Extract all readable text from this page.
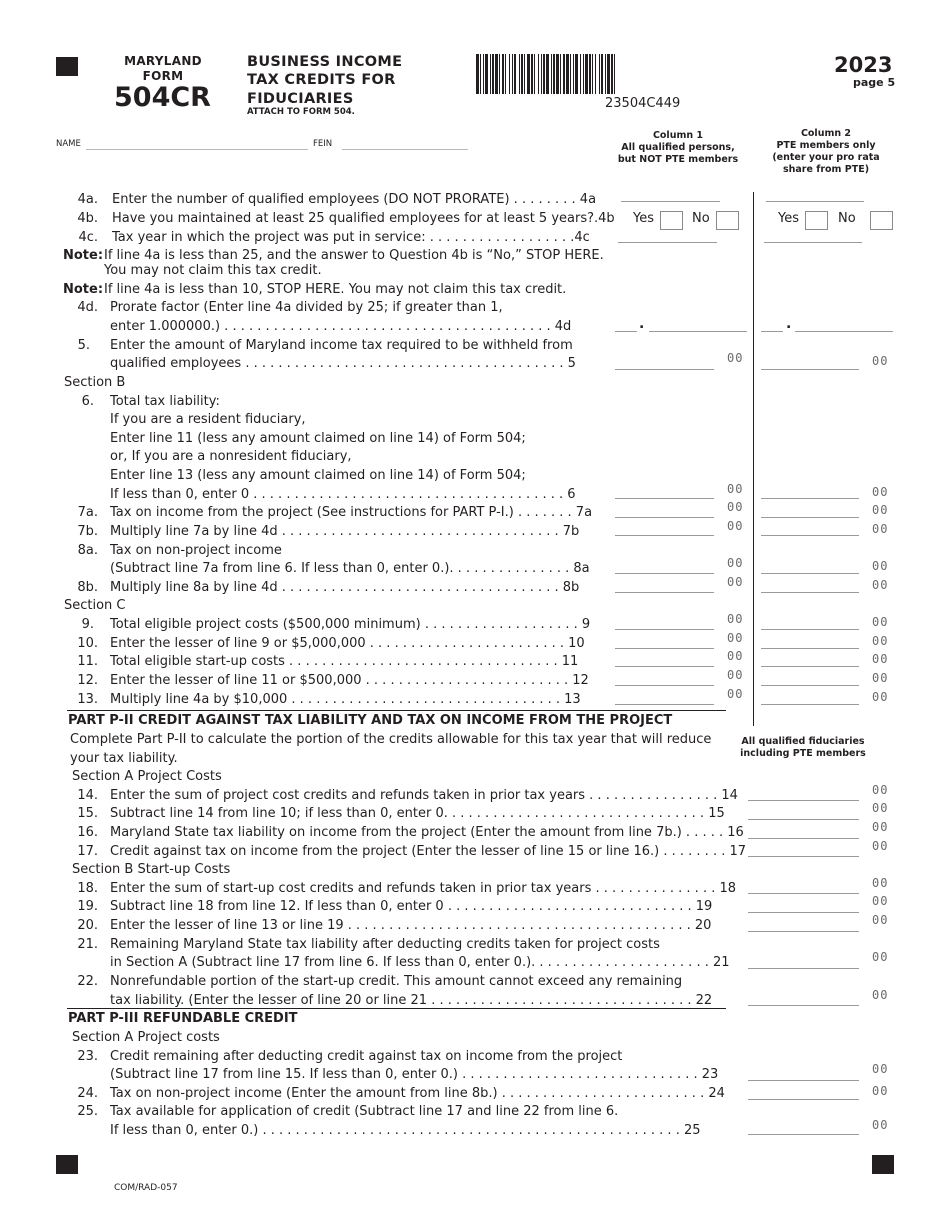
MARYLAND
FORM
504CR
BUSINESS INCOME
TAX CREDITS FOR
FIDUCIARIES
ATTACH TO FORM 504.
23504C449
2023
page 5
NAME	FEIN
Column 1
All qualified persons,
but NOT PTE members
Column 2
PTE members only
(enter your pro rata
share from PTE)
4a. Enter the number of qualified employees (DO NOT PRORATE) . . . . . . . . 4a
4b. Have you maintained at least 25 qualified employees for at least 5 years?.4b Yes	No	Yes	No
4c. Tax year in which the project was put in service: . . . . . . . . . . . . . . . . . .4c
Note: If line 4a is less than 25, and the answer to Question 4b is “No,” STOP HERE.
You may not claim this tax credit.
Note: If line 4a is less than 10, STOP HERE. You may not claim this tax credit.
4d. Prorate factor (Enter line 4a divided by 25; if greater than 1,
enter 1.000000.) . . . . . . . . . . . . . . . . . . . . . . . . . . . . . . . . . . . . . . . . 4d	.	.
5. Enter the amount of Maryland income tax required to be withheld from
qualified employees . . . . . . . . . . . . . . . . . . . . . . . . . . . . . . . . . . . . . . . 5	00	00
Section B
6. Total tax liability:
If you are a resident fiduciary,
Enter line 11 (less any amount claimed on line 14) of Form 504;
or, If you are a nonresident fiduciary,
Enter line 13 (less any amount claimed on line 14) of Form 504;
If less than 0, enter 0 . . . . . . . . . . . . . . . . . . . . . . . . . . . . . . . . . . . . . . 6	00	00
7a. Tax on income from the project (See instructions for PART P-I.) . . . . . . . 7a	00	00
7b. Multiply line 7a by line 4d . . . . . . . . . . . . . . . . . . . . . . . . . . . . . . . . . . 7b	00	00
8a. Tax on non-project income
(Subtract line 7a from line 6. If less than 0, enter 0.). . . . . . . . . . . . . . . 8a	00	00
8b. Multiply line 8a by line 4d . . . . . . . . . . . . . . . . . . . . . . . . . . . . . . . . . . 8b	00	00
Section C
9. Total eligible project costs ($500,000 minimum) . . . . . . . . . . . . . . . . . . . 9	00	00
10. Enter the lesser of line 9 or $5,000,000 . . . . . . . . . . . . . . . . . . . . . . . . 10	00	00
11. Total eligible start-up costs . . . . . . . . . . . . . . . . . . . . . . . . . . . . . . . . . 11	00	00
12. Enter the lesser of line 11 or $500,000 . . . . . . . . . . . . . . . . . . . . . . . . . 12	00	00
13. Multiply line 4a by $10,000 . . . . . . . . . . . . . . . . . . . . . . . . . . . . . . . . . 13	00	00
PART P-II CREDIT AGAINST TAX LIABILITY AND TAX ON INCOME FROM THE PROJECT
Complete Part P-II to calculate the portion of the credits allowable for this tax year that will reduce
your tax liability.
All qualified fiduciaries
including PTE members
Section A Project Costs
14. Enter the sum of project cost credits and refunds taken in prior tax years . . . . . . . . . . . . . . . . 14	00
15. Subtract line 14 from line 10; if less than 0, enter 0. . . . . . . . . . . . . . . . . . . . . . . . . . . . . . . . 15	00
16. Maryland State tax liability on income from the project (Enter the amount from line 7b.) . . . . . 16	00
17. Credit against tax on income from the project (Enter the lesser of line 15 or line 16.) . . . . . . . . 17	00
Section B Start-up Costs
18. Enter the sum of start-up cost credits and refunds taken in prior tax years . . . . . . . . . . . . . . . 18	00
19. Subtract line 18 from line 12. If less than 0, enter 0 . . . . . . . . . . . . . . . . . . . . . . . . . . . . . . 19	00
20. Enter the lesser of line 13 or line 19 . . . . . . . . . . . . . . . . . . . . . . . . . . . . . . . . . . . . . . . . . . 20	00
21. Remaining Maryland State tax liability after deducting credits taken for project costs
in Section A (Subtract line 17 from line 6. If less than 0, enter 0.). . . . . . . . . . . . . . . . . . . . . . 21	00
22. Nonrefundable portion of the start-up credit. This amount cannot exceed any remaining
tax liability. (Enter the lesser of line 20 or line 21 . . . . . . . . . . . . . . . . . . . . . . . . . . . . . . . . 22	00
PART P-III REFUNDABLE CREDIT
Section A Project costs
23. Credit remaining after deducting credit against tax on income from the project
(Subtract line 17 from line 15. If less than 0, enter 0.) . . . . . . . . . . . . . . . . . . . . . . . . . . . . . 23	00
24. Tax on non-project income (Enter the amount from line 8b.) . . . . . . . . . . . . . . . . . . . . . . . . . 24	00
25. Tax available for application of credit (Subtract line 17 and line 22 from line 6.
If less than 0, enter 0.) . . . . . . . . . . . . . . . . . . . . . . . . . . . . . . . . . . . . . . . . . . . . . . . . . . . 25	00
COM/RAD-057
